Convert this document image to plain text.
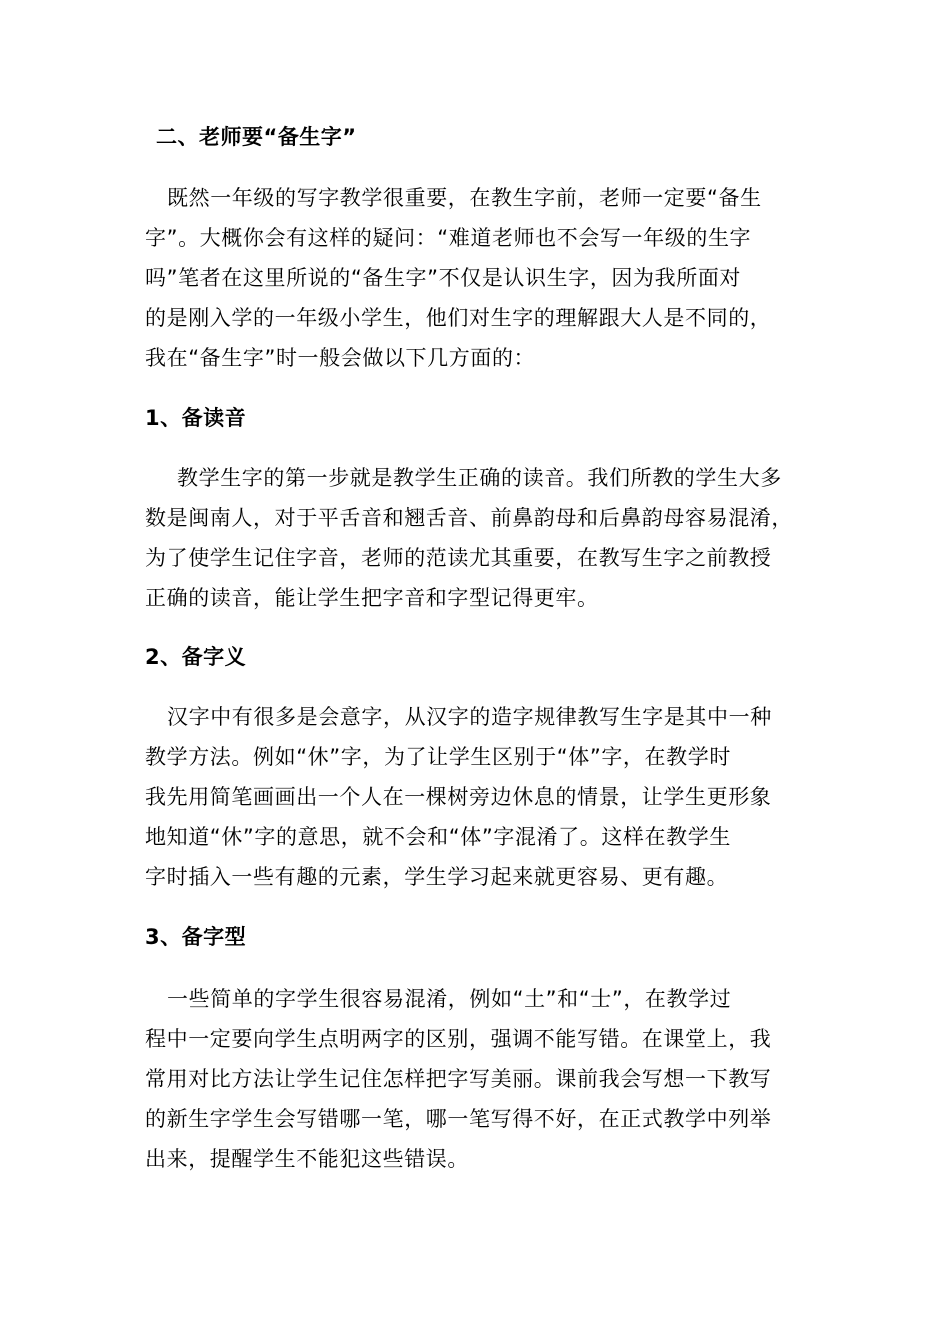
二、老师要“备生字”
既然一年级的写字教学很重要，在教生字前，老师一定要“备生
字”。大概你会有这样的疑问：“难道老师也不会写一年级的生字
吗”笔者在这里所说的“备生字”不仅是认识生字，因为我所面对
的是刚入学的一年级小学生，他们对生字的理解跟大人是不同的，
我在“备生字”时一般会做以下几方面的：
1、备读音
教学生字的第一步就是教学生正确的读音。我们所教的学生大多
数是闽南人，对于平舌音和翘舌音、前鼻韵母和后鼻韵母容易混淆，
为了使学生记住字音，老师的范读尤其重要，在教写生字之前教授
正确的读音，能让学生把字音和字型记得更牢。
2、备字义
汉字中有很多是会意字，从汉字的造字规律教写生字是其中一种
教学方法。例如“休”字，为了让学生区别于“体”字，在教学时
我先用简笔画画出一个人在一棵树旁边休息的情景，让学生更形象
地知道“休”字的意思，就不会和“体”字混淆了。这样在教学生
字时插入一些有趣的元素，学生学习起来就更容易、更有趣。
3、备字型
一些简单的字学生很容易混淆，例如“土”和“士”，在教学过
程中一定要向学生点明两字的区别，强调不能写错。在课堂上，我
常用对比方法让学生记住怎样把字写美丽。课前我会写想一下教写
的新生字学生会写错哪一笔，哪一笔写得不好，在正式教学中列举
出来，提醒学生不能犯这些错误。
